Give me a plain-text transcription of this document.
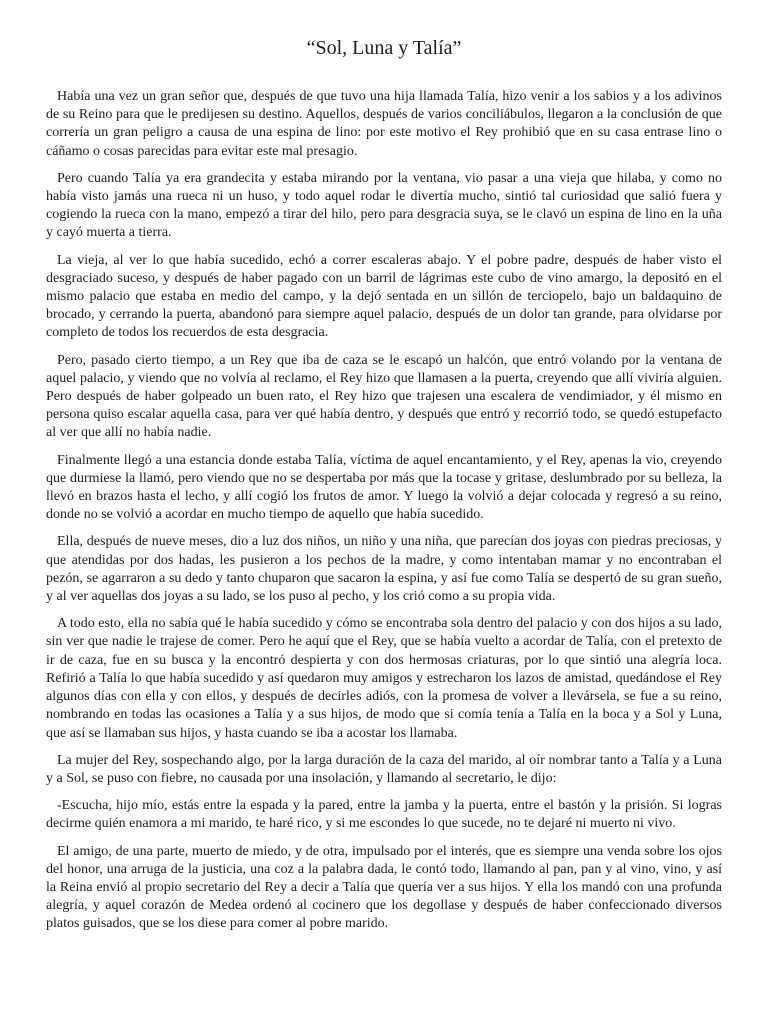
“Sol, Luna y Talía”

Había una vez un gran señor que, después de que tuvo una hija llamada Talía, hizo venir a los sabios y a los adivinos de su Reino para que le predijesen su destino. Aquellos, después de varios conciliábulos, llegaron a la conclusión de que correría un gran peligro a causa de una espina de lino: por este motivo el Rey prohibió que en su casa entrase lino o cáñamo o cosas parecidas para evitar este mal presagio.

Pero cuando Talía ya era grandecita y estaba mirando por la ventana, vio pasar a una vieja que hilaba, y como no había visto jamás una rueca ni un huso, y todo aquel rodar le divertía mucho, sintió tal curiosidad que salió fuera y cogiendo la rueca con la mano, empezó a tirar del hilo, pero para desgracia suya, se le clavó un espina de lino en la uña y cayó muerta a tierra.

La vieja, al ver lo que había sucedido, echó a correr escaleras abajo. Y el pobre padre, después de haber visto el desgraciado suceso, y después de haber pagado con un barril de lágrimas este cubo de vino amargo, la depositó en el mismo palacio que estaba en medio del campo, y la dejó sentada en un sillón de terciopelo, bajo un baldaquino de brocado, y cerrando la puerta, abandonó para siempre aquel palacio, después de un dolor tan grande, para olvidarse por completo de todos los recuerdos de esta desgracia.

Pero, pasado cierto tiempo, a un Rey que iba de caza se le escapó un halcón, que entró volando por la ventana de aquel palacio, y viendo que no volvía al reclamo, el Rey hizo que llamasen a la puerta, creyendo que allí viviría alguien. Pero después de haber golpeado un buen rato, el Rey hizo que trajesen una escalera de vendimiador, y él mismo en persona quiso escalar aquella casa, para ver qué había dentro, y después que entró y recorrió todo, se quedó estupefacto al ver que allí no había nadie.

Finalmente llegó a una estancia donde estaba Talía, víctima de aquel encantamiento, y el Rey, apenas la vio, creyendo que durmiese la llamó, pero viendo que no se despertaba por más que la tocase y gritase, deslumbrado por su belleza, la llevó en brazos hasta el lecho, y allí cogió los frutos de amor. Y luego la volvió a dejar colocada y regresó a su reino, donde no se volvió a acordar en mucho tiempo de aquello que había sucedido.

Ella, después de nueve meses, dio a luz dos niños, un niño y una niña, que parecían dos joyas con piedras preciosas, y que atendidas por dos hadas, les pusieron a los pechos de la madre, y como intentaban mamar y no encontraban el pezón, se agarraron a su dedo y tanto chuparon que sacaron la espina, y así fue como Talía se despertó de su gran sueño, y al ver aquellas dos joyas a su lado, se los puso al pecho, y los crió como a su propia vida.

A todo esto, ella no sabía qué le había sucedido y cómo se encontraba sola dentro del palacio y con dos hijos a su lado, sin ver que nadie le trajese de comer. Pero he aquí que el Rey, que se había vuelto a acordar de Talía, con el pretexto de ir de caza, fue en su busca y la encontró despierta y con dos hermosas criaturas, por lo que sintió una alegría loca. Refirió a Talía lo que había sucedido y así quedaron muy amigos y estrecharon los lazos de amistad, quedándose el Rey algunos días con ella y con ellos, y después de decirles adiós, con la promesa de volver a llevársela, se fue a su reino, nombrando en todas las ocasiones a Talía y a sus hijos, de modo que si comía tenía a Talía en la boca y a Sol y Luna, que así se llamaban sus hijos, y hasta cuando se iba a acostar los llamaba.

La mujer del Rey, sospechando algo, por la larga duración de la caza del marido, al oír nombrar tanto a Talía y a Luna y a Sol, se puso con fiebre, no causada por una insolación, y llamando al secretario, le dijo:

-Escucha, hijo mío, estás entre la espada y la pared, entre la jamba y la puerta, entre el bastón y la prisión. Si logras decirme quién enamora a mi marido, te haré rico, y si me escondes lo que sucede, no te dejaré ni muerto ni vivo.

El amigo, de una parte, muerto de miedo, y de otra, impulsado por el interés, que es siempre una venda sobre los ojos del honor, una arruga de la justicia, una coz a la palabra dada, le contó todo, llamando al pan, pan y al vino, vino, y así la Reina envió al propio secretario del Rey a decir a Talía que quería ver a sus hijos. Y ella los mandó con una profunda alegría, y aquel corazón de Medea ordenó al cocinero que los degollase y después de haber confeccionado diversos platos guisados, que se los diese para comer al pobre marido.
